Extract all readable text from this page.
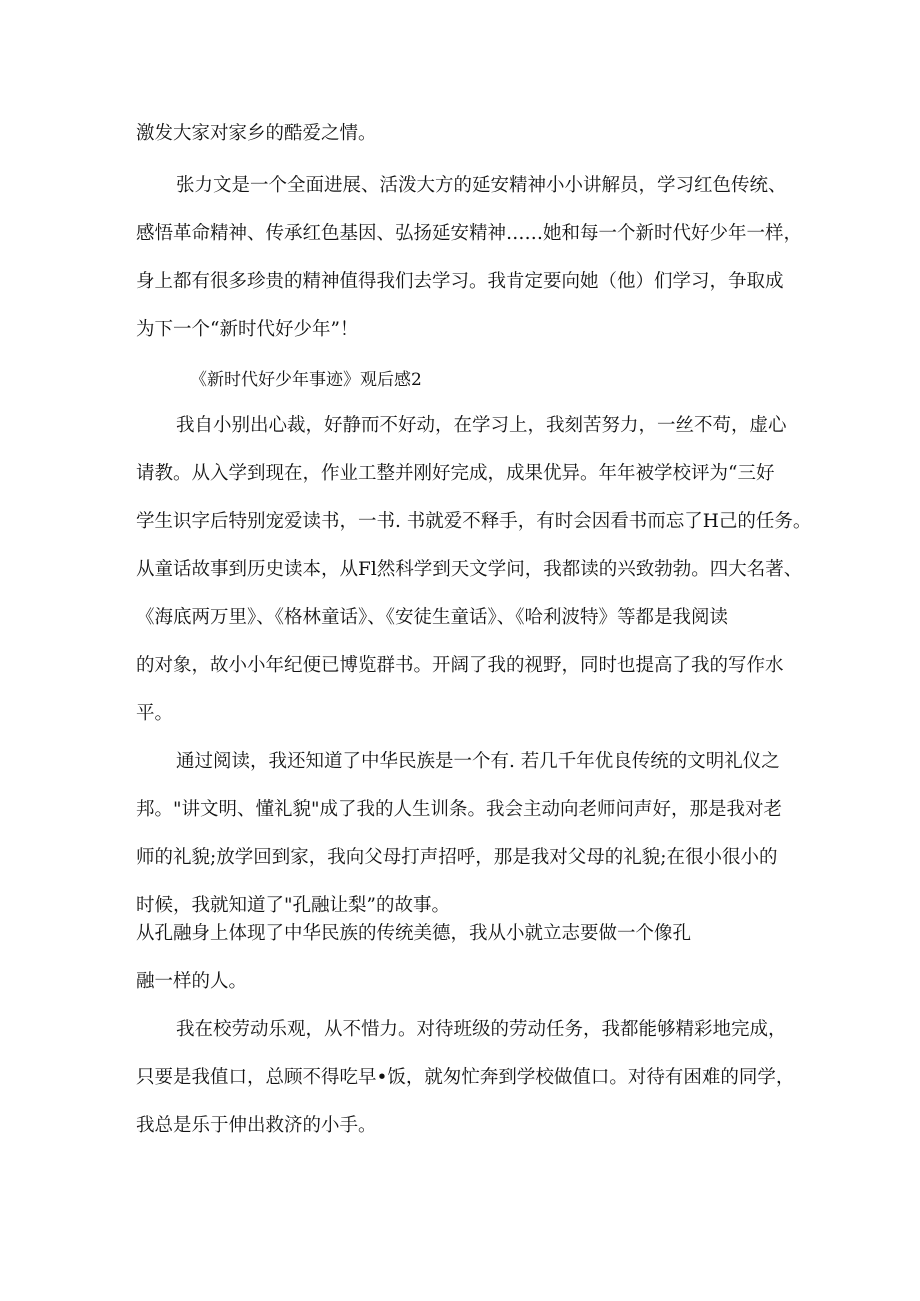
激发大家对家乡的酷爱之情。

张力文是一个全面进展、活泼大方的延安精神小小讲解员，学习红色传统、

感悟革命精神、传承红色基因、弘扬延安精神……她和每一个新时代好少年一样，

身上都有很多珍贵的精神值得我们去学习。我肯定要向她（他）们学习，争取成

为下一个“新时代好少年”！

《新时代好少年事迹》观后感2

我自小别出心裁，好静而不好动，在学习上，我刻苦努力，一丝不苟，虚心

请教。从入学到现在，作业工整并刚好完成，成果优异。年年被学校评为“三好

学生识字后特别宠爱读书，一书. 书就爱不释手，有时会因看书而忘了H己的任务。

从童话故事到历史读本，从Fl然科学到天文学问，我都读的兴致勃勃。四大名著、

《海底两万里》、《格林童话》、《安徒生童话》、《哈利波特》等都是我阅读

的对象，故小小年纪便已博览群书。开阔了我的视野，同时也提高了我的写作水

平。

通过阅读，我还知道了中华民族是一个有. 若几千年优良传统的文明礼仪之

邦。"讲文明、懂礼貌"成了我的人生训条。我会主动向老师问声好，那是我对老

师的礼貌;放学回到家，我向父母打声招呼，那是我对父母的礼貌;在很小很小的

时候，我就知道了"孔融让梨”的故事。

从孔融身上体现了中华民族的传统美德，我从小就立志要做一个像孔

融一样的人。

我在校劳动乐观，从不惜力。对待班级的劳动任务，我都能够精彩地完成，

只要是我值口，总顾不得吃早•饭，就匆忙奔到学校做值口。对待有困难的同学，

我总是乐于伸出救济的小手。
